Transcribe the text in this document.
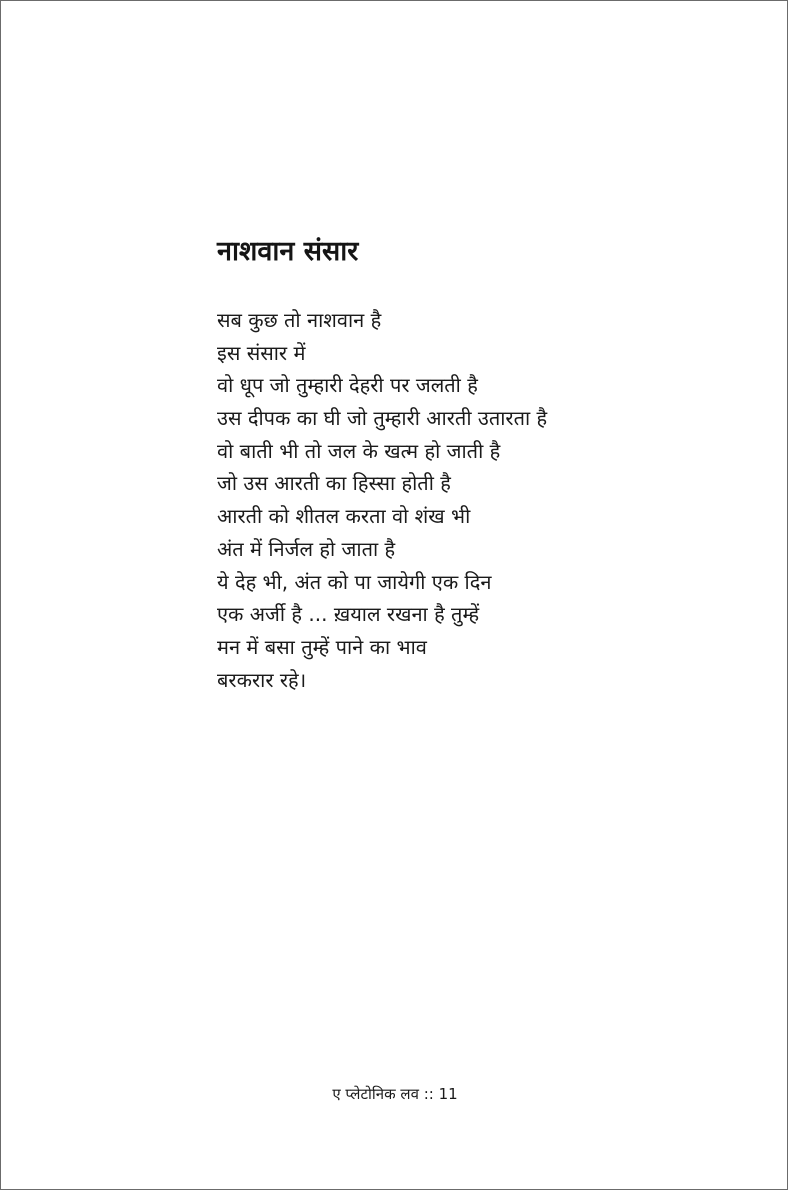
नाशवान संसार
सब कुछ तो नाशवान है
इस संसार में
वो धूप जो तुम्हारी देहरी पर जलती है
उस दीपक का घी जो तुम्हारी आरती उतारता है
वो बाती भी तो जल के खत्म हो जाती है
जो उस आरती का हिस्सा होती है
आरती को शीतल करता वो शंख भी
अंत में निर्जल हो जाता है
ये देह भी, अंत को पा जायेगी एक दिन
एक अर्जी है ... ख़याल रखना है तुम्हें
मन में बसा तुम्हें पाने का भाव
बरकरार रहे।
ए प्लेटोनिक लव :: 11
